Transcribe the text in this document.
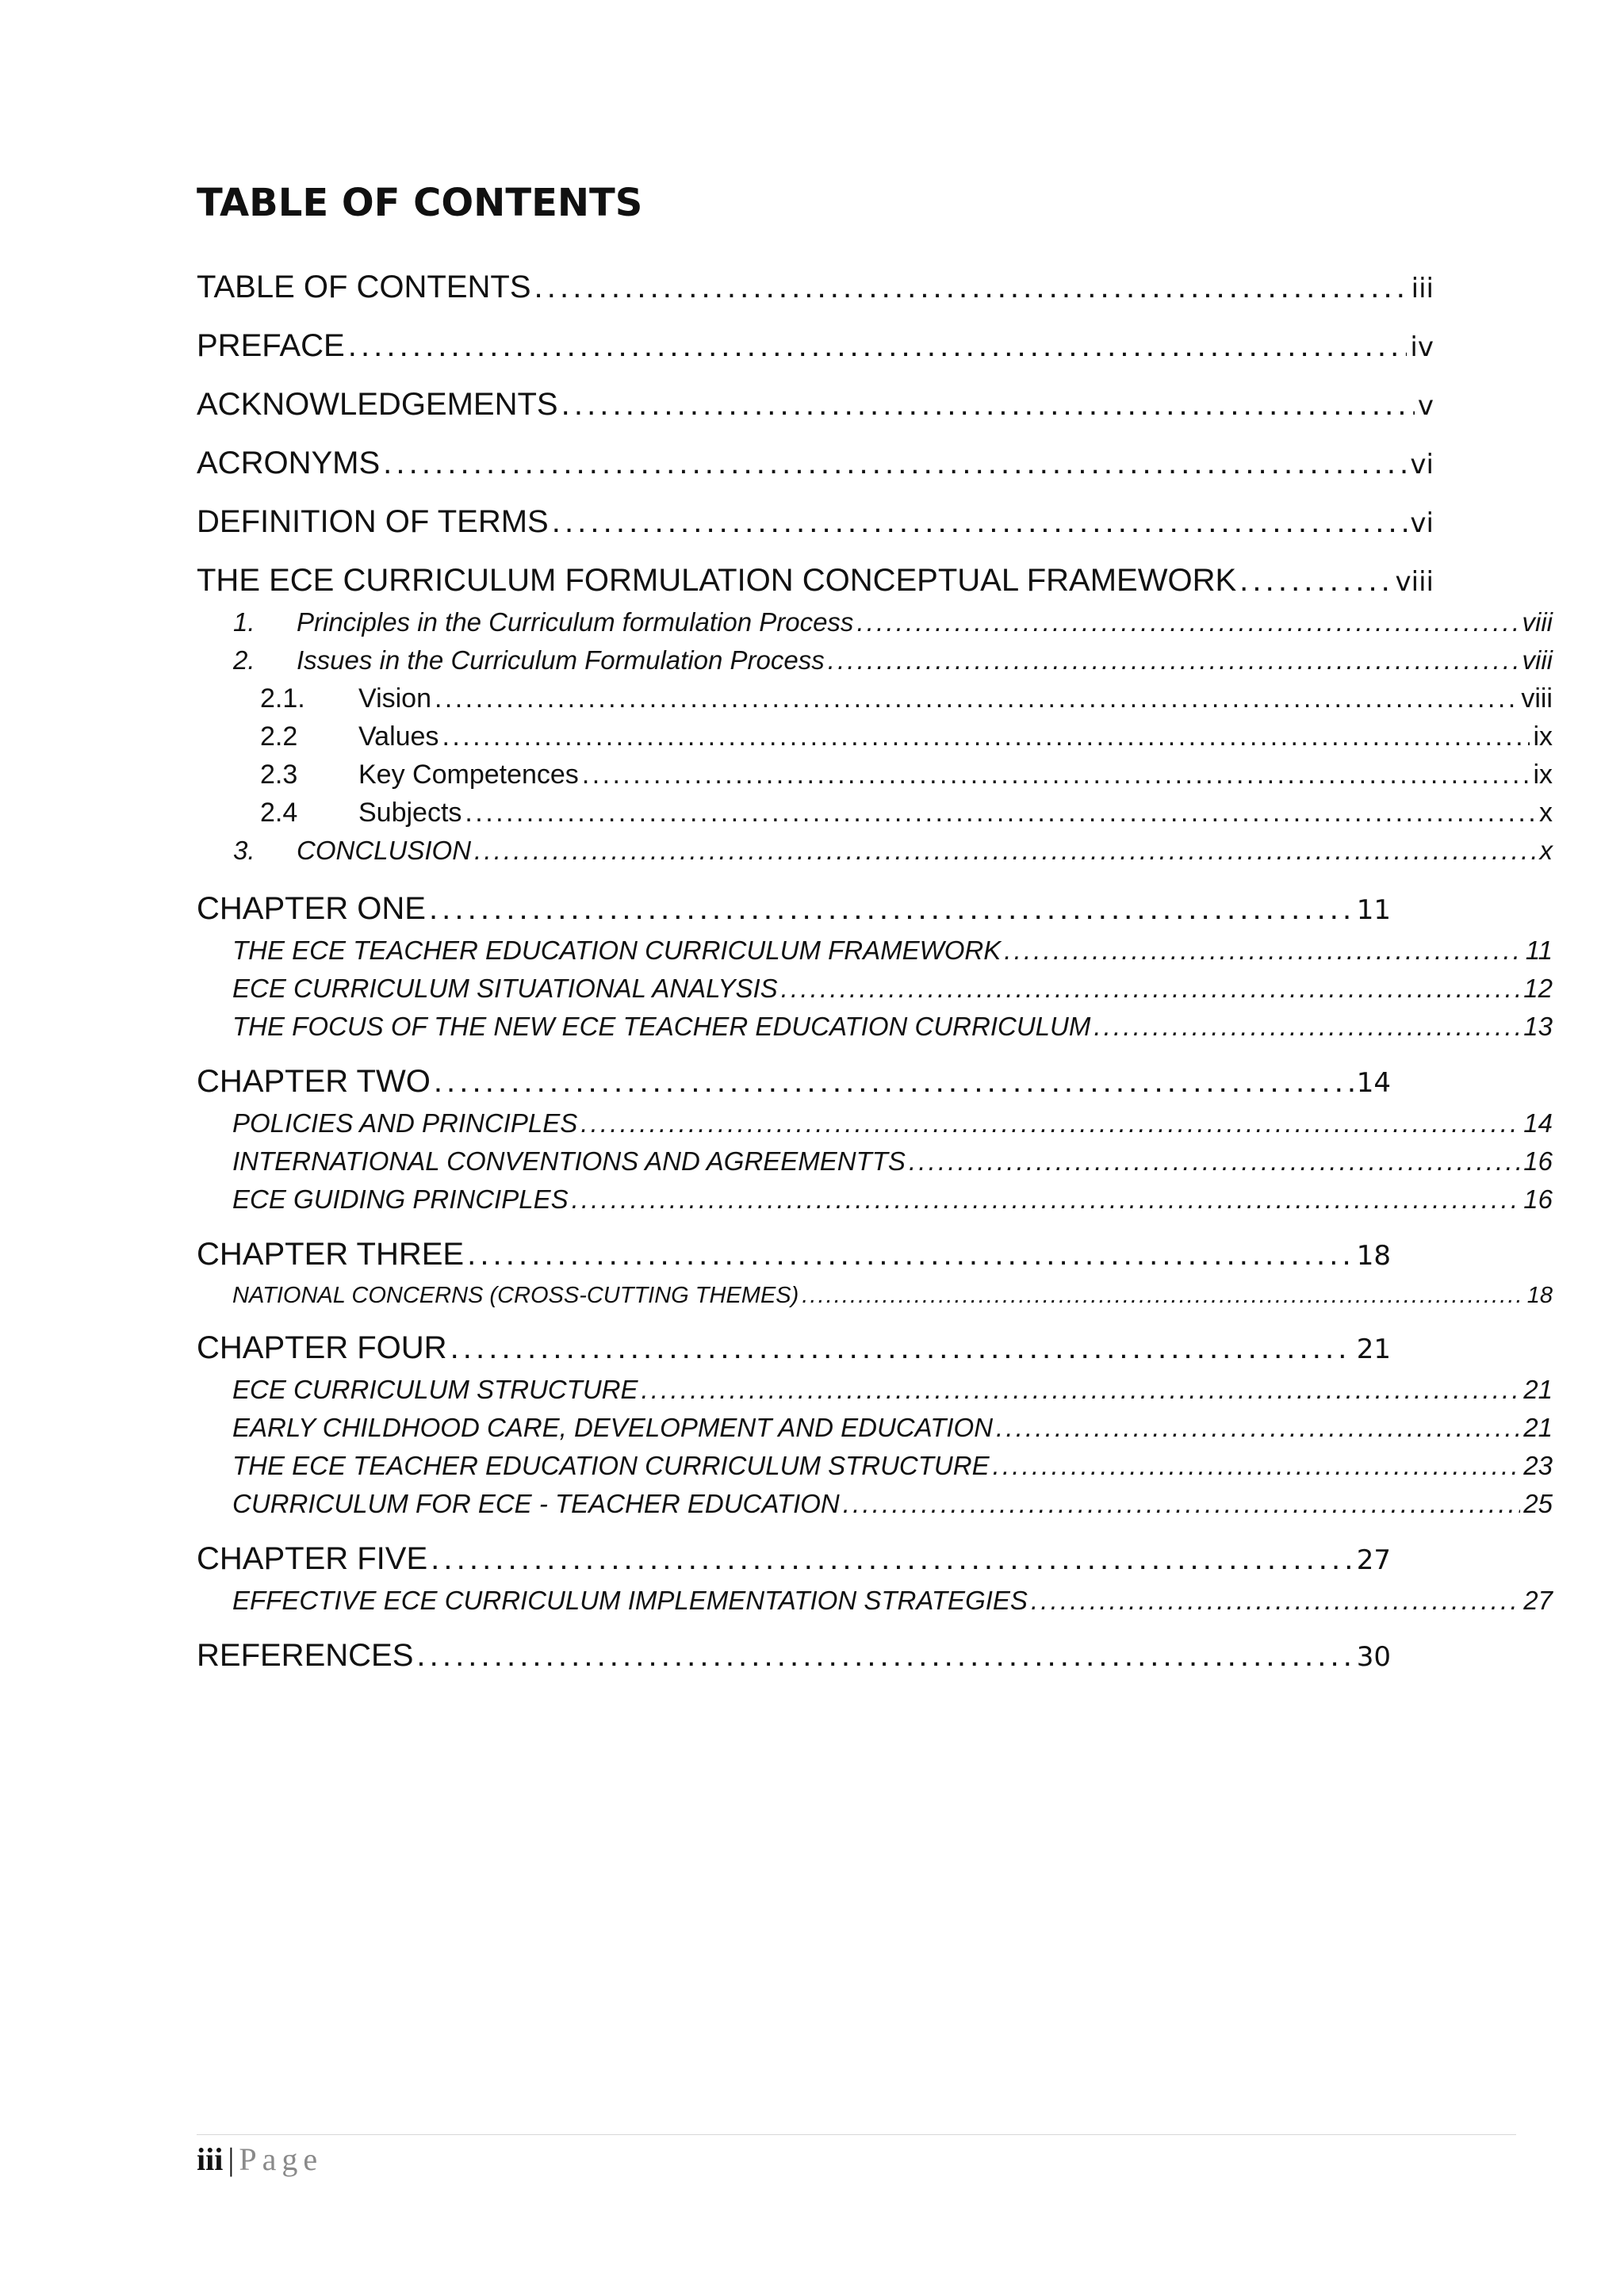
TABLE OF CONTENTS
TABLE OF CONTENTS . . .	iii
PREFACE . . .	iv
ACKNOWLEDGEMENTS . . .	v
ACRONYMS . . .	vi
DEFINITION OF TERMS . . .	vi
THE ECE CURRICULUM FORMULATION CONCEPTUAL FRAMEWORK . . .	viii
1.	Principles in the Curriculum formulation Process . . .	viii
2.	Issues in the Curriculum Formulation Process . . .	viii
2.1.	Vision . . .	viii
2.2	Values . . .	ix
2.3	Key Competences . . .	ix
2.4	Subjects . . .	x
3.	CONCLUSION . . .	x
CHAPTER ONE . . .	11
THE ECE TEACHER EDUCATION CURRICULUM FRAMEWORK . . .	11
ECE CURRICULUM SITUATIONAL ANALYSIS . . .	12
THE FOCUS OF THE NEW ECE TEACHER EDUCATION CURRICULUM . . .	13
CHAPTER TWO . . .	14
POLICIES AND PRINCIPLES . . .	14
INTERNATIONAL CONVENTIONS AND AGREEMENTTS . . .	16
ECE GUIDING PRINCIPLES . . .	16
CHAPTER THREE . . .	18
NATIONAL CONCERNS (CROSS-CUTTING THEMES) . . .	18
CHAPTER FOUR . . .	21
ECE CURRICULUM STRUCTURE . . .	21
EARLY CHILDHOOD CARE, DEVELOPMENT AND EDUCATION . . .	21
THE ECE TEACHER EDUCATION CURRICULUM STRUCTURE . . .	23
CURRICULUM FOR ECE - TEACHER EDUCATION . . .	25
CHAPTER FIVE . . .	27
EFFECTIVE ECE CURRICULUM IMPLEMENTATION STRATEGIES . . .	27
REFERENCES . . .	30
iii | Page
